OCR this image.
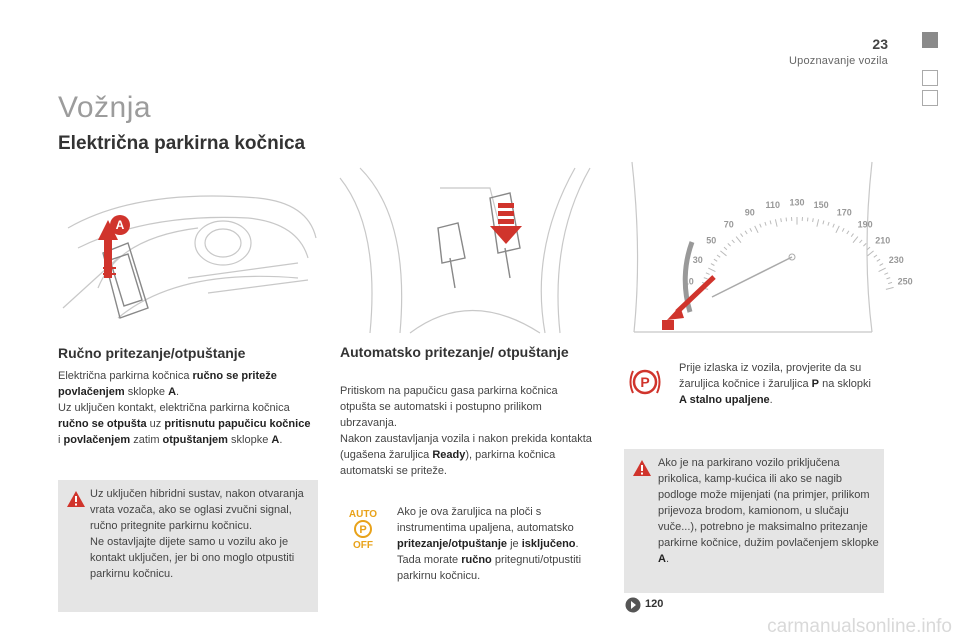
23
Upoznavanje vozila
Vožnja
Električna parkirna kočnica
A
10
30
50
70
90
110 130 150
170
190
210
230
250
Ručno pritezanje/otpuštanje
Električna parkirna kočnica ručno se priteže povlačenjem sklopke A.
Uz uključen kontakt, električna parkirna kočnica ručno se otpušta uz pritisnutu papučicu kočnice i povlačenjem zatim otpuštanjem sklopke A.
Uz uključen hibridni sustav, nakon otvaranja vrata vozača, ako se oglasi zvučni signal, ručno pritegnite parkirnu kočnicu.
Ne ostavljajte dijete samo u vozilu ako je kontakt uključen, jer bi ono moglo otpustiti parkirnu kočnicu.
Automatsko pritezanje/ otpuštanje
Pritiskom na papučicu gasa parkirna kočnica otpušta se automatski i postupno prilikom ubrzavanja.
Nakon zaustavljanja vozila i nakon prekida kontakta (ugašena žaruljica Ready), parkirna kočnica automatski se priteže.
AUTO
P
OFF
Ako je ova žaruljica na ploči s instrumentima upaljena, automatsko pritezanje/otpuštanje je isključeno. Tada morate ručno pritegnuti/otpustiti parkirnu kočnicu.
P
Prije izlaska iz vozila, provjerite da su žaruljica kočnice i žaruljica P na sklopki A stalno upaljene.
Ako je na parkirano vozilo priključena prikolica, kamp-kućica ili ako se nagib podloge može mijenjati (na primjer, prilikom prijevoza brodom, kamionom, u slučaju vuče...), potrebno je maksimalno pritezanje parkirne kočnice, dužim povlačenjem sklopke A.
120
carmanualsonline.info
